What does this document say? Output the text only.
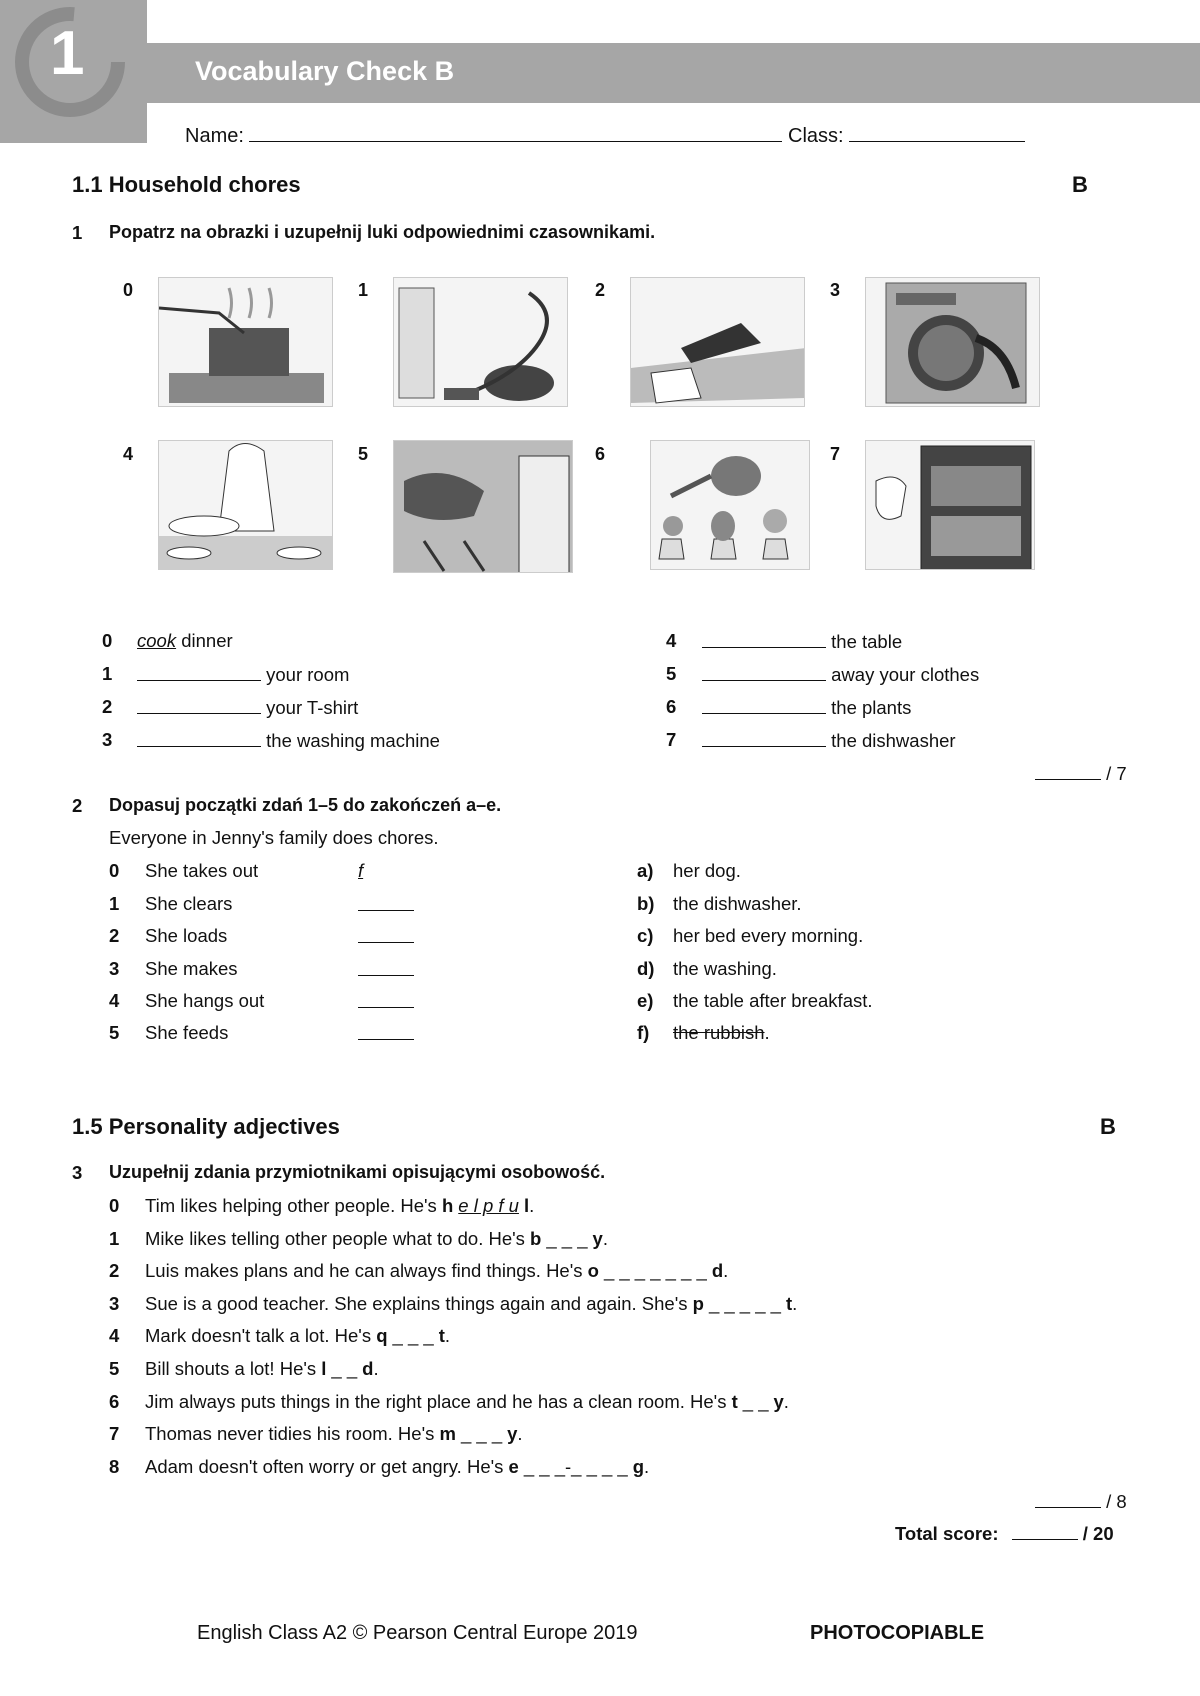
1	Vocabulary Check B
Name:	Class:
1.1 Household chores	B
1 Popatrz na obrazki i uzupełnij luki odpowiednimi czasownikami.
0	1	2	3
4	5	6	7
0 cook dinner
1	your room
2	your T-shirt
3	the washing machine
4	the table
5	away your clothes
6	the plants
7	the dishwasher
/ 7
2 Dopasuj początki zdań 1–5 do zakończeń a–e.
Everyone in Jenny's family does chores.
0 She takes out	f
1 She clears
2 She loads
3 She makes
4 She hangs out
5 She feeds
a) her dog.
b) the dishwasher.
c) her bed every morning.
d) the washing.
e) the table after breakfast.
f) the rubbish.
1.5 Personality adjectives	B
3 Uzupełnij zdania przymiotnikami opisującymi osobowość.
0 Tim likes helping other people. He's h e l p f u l.
1 Mike likes telling other people what to do. He's b _ _ _ y.
2 Luis makes plans and he can always find things. He's o _ _ _ _ _ _ _ d.
3 Sue is a good teacher. She explains things again and again. She's p _ _ _ _ _ t.
4 Mark doesn't talk a lot. He's q _ _ _ t.
5 Bill shouts a lot! He's l _ _ d.
6 Jim always puts things in the right place and he has a clean room. He's t _ _ y.
7 Thomas never tidies his room. He's m _ _ _ y.
8 Adam doesn't often worry or get angry. He's e _ _ _-_ _ _ _ g.
/ 8
Total score:	/ 20
English Class A2 © Pearson Central Europe 2019	PHOTOCOPIABLE
